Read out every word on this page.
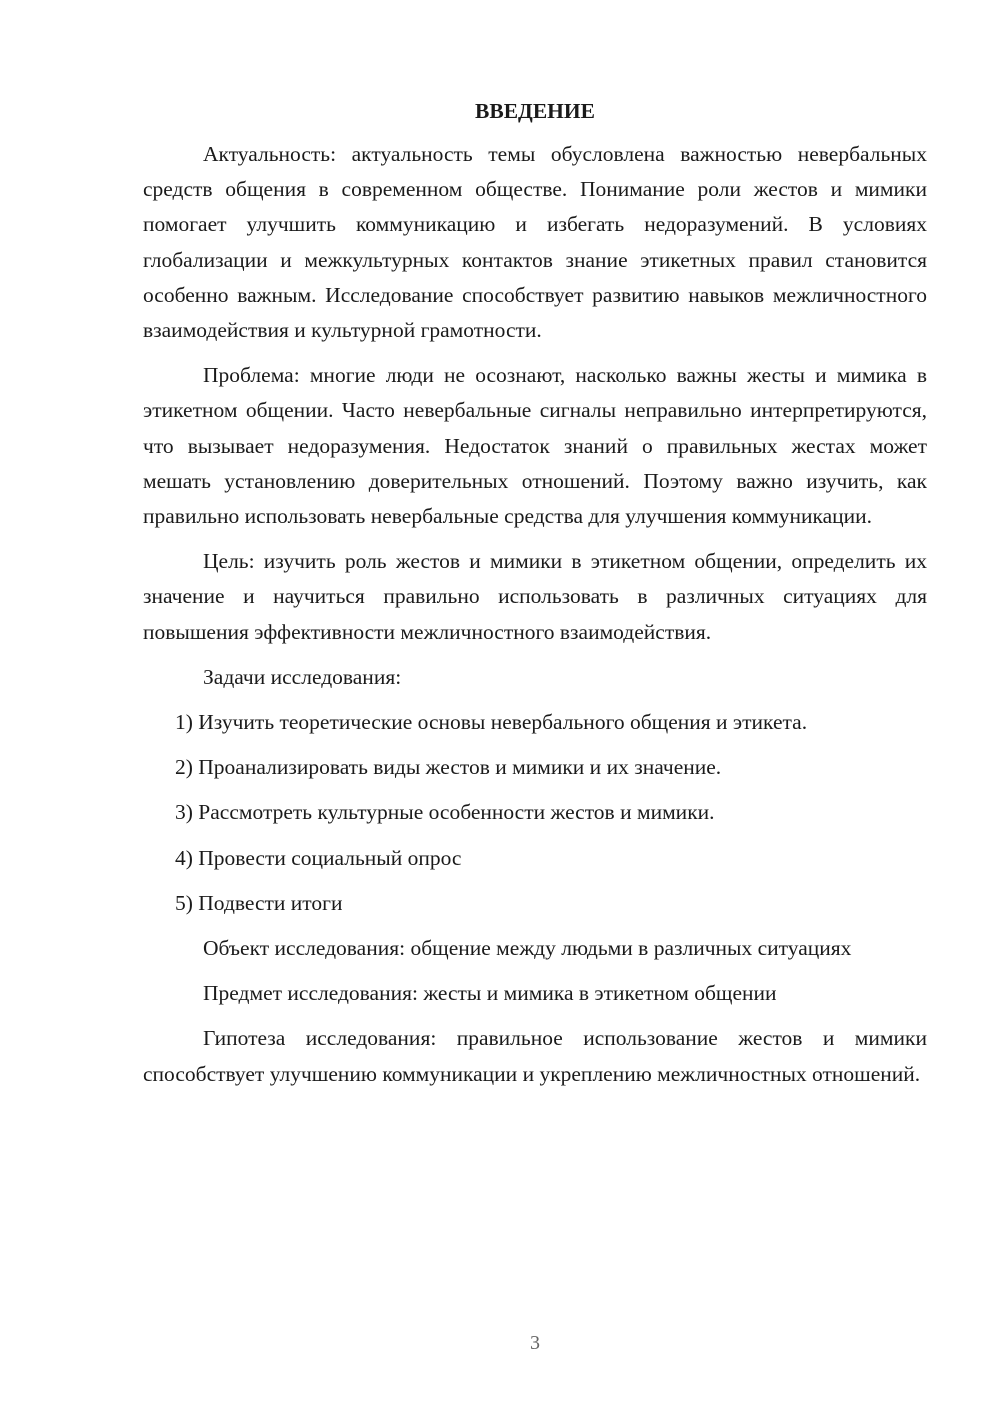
ВВЕДЕНИЕ

Актуальность: актуальность темы обусловлена важностью невербальных средств общения в современном обществе. Понимание роли жестов и мимики помогает улучшить коммуникацию и избегать недоразумений. В условиях глобализации и межкультурных контактов знание этикетных правил становится особенно важным. Исследование способствует развитию навыков межличностного взаимодействия и культурной грамотности.

Проблема: многие люди не осознают, насколько важны жесты и мимика в этикетном общении. Часто невербальные сигналы неправильно интерпретируются, что вызывает недоразумения. Недостаток знаний о правильных жестах может мешать установлению доверительных отношений. Поэтому важно изучить, как правильно использовать невербальные средства для улучшения коммуникации.

Цель: изучить роль жестов и мимики в этикетном общении, определить их значение и научиться правильно использовать в различных ситуациях для повышения эффективности межличностного взаимодействия.

Задачи исследования:

1) Изучить теоретические основы невербального общения и этикета.

2) Проанализировать виды жестов и мимики и их значение.

3) Рассмотреть культурные особенности жестов и мимики.

4) Провести социальный опрос

5) Подвести итоги

Объект исследования: общение между людьми в различных ситуациях

Предмет исследования: жесты и мимика в этикетном общении

Гипотеза исследования: правильное использование жестов и мимики способствует улучшению коммуникации и укреплению межличностных отношений.

3
